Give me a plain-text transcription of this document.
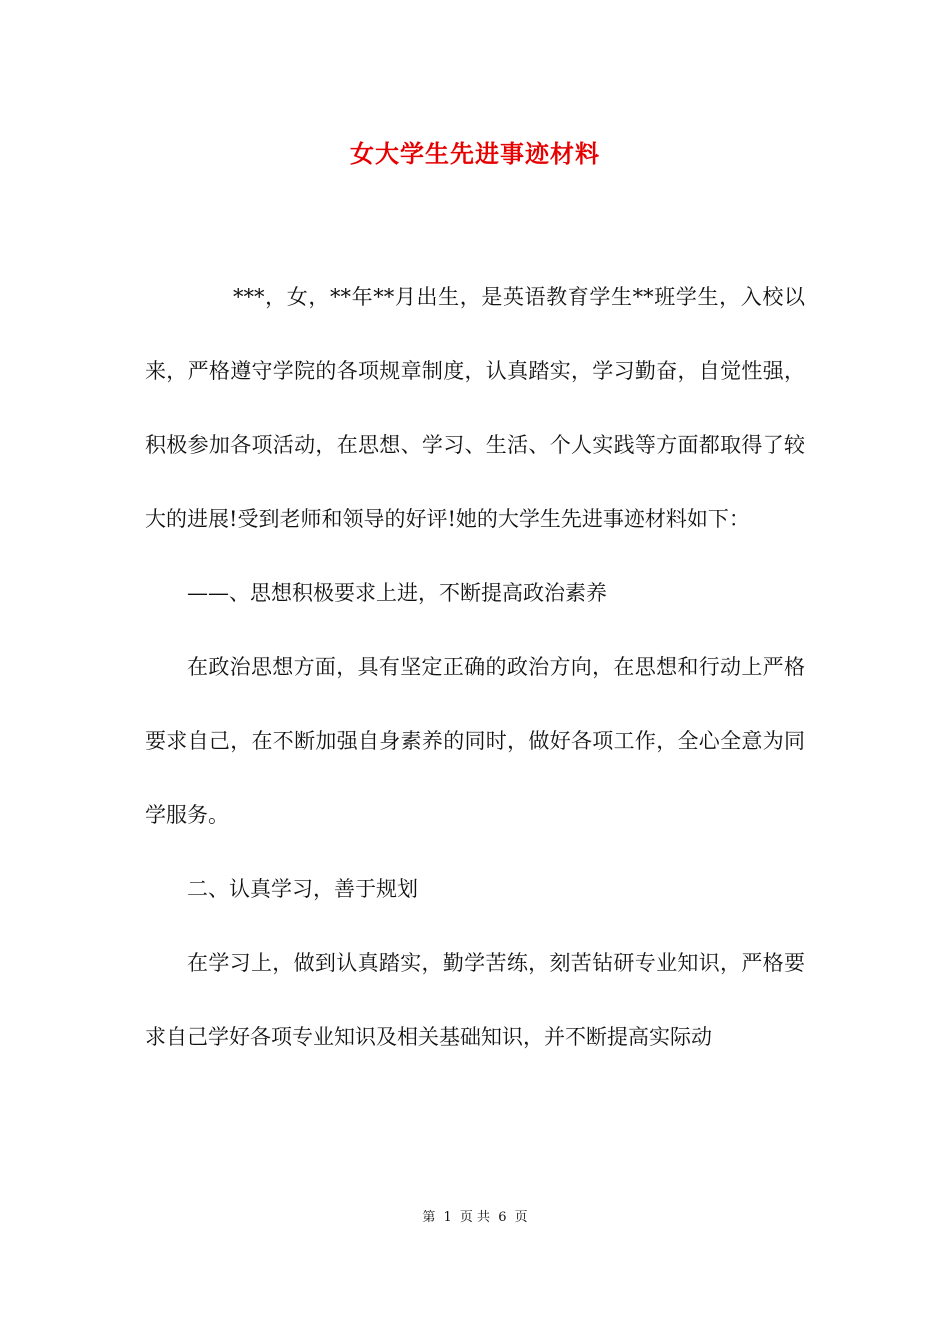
女大学生先进事迹材料

***，女，**年**月出生，是英语教育学生**班学生，入校以来，严格遵守学院的各项规章制度，认真踏实，学习勤奋，自觉性强，积极参加各项活动，在思想、学习、生活、个人实践等方面都取得了较大的进展!受到老师和领导的好评!她的大学生先进事迹材料如下：

——、思想积极要求上进，不断提高政治素养

在政治思想方面，具有坚定正确的政治方向，在思想和行动上严格要求自己，在不断加强自身素养的同时，做好各项工作，全心全意为同学服务。

二、认真学习，善于规划

在学习上，做到认真踏实，勤学苦练，刻苦钻研专业知识，严格要求自己学好各项专业知识及相关基础知识，并不断提高实际动

第 1 页 共 6 页
